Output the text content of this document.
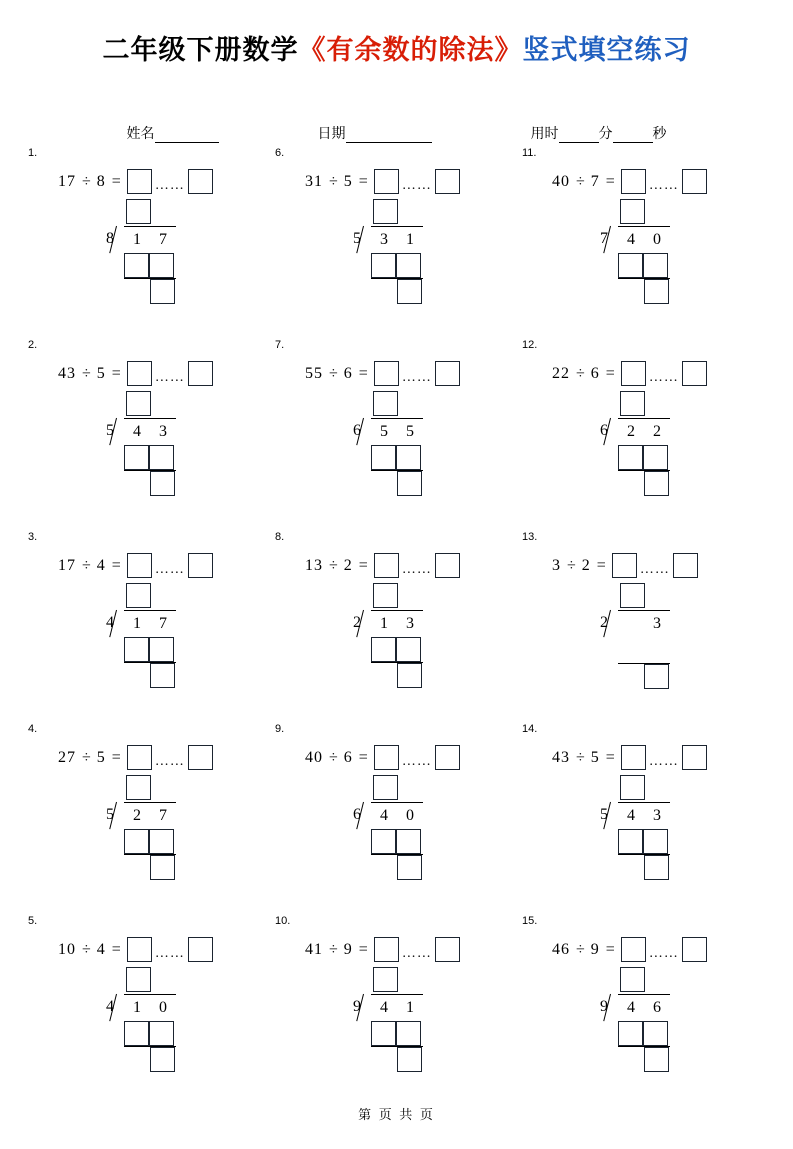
二年级下册数学《有余数的除法》竖式填空练习
姓名	日期	用时	分	秒
1.
17 ÷ 8 = ……
8	1	7
6.
31 ÷ 5 = ……
5	3	1
11.
40 ÷ 7 = ……
7	4	0
2.
43 ÷ 5 = ……
5	4	3
7.
55 ÷ 6 = ……
6	5	5
12.
22 ÷ 6 = ……
6	2	2
3.
17 ÷ 4 = ……
4	1	7
8.
13 ÷ 2 = ……
2	1	3
13.
3 ÷ 2 = ……
2	3
4.
27 ÷ 5 = ……
5	2	7
9.
40 ÷ 6 = ……
6	4	0
14.
43 ÷ 5 = ……
5	4	3
5.
10 ÷ 4 = ……
4	1	0
10.
41 ÷ 9 = ……
9	4	1
15.
46 ÷ 9 = ……
9	4	6
第 页 共 页
